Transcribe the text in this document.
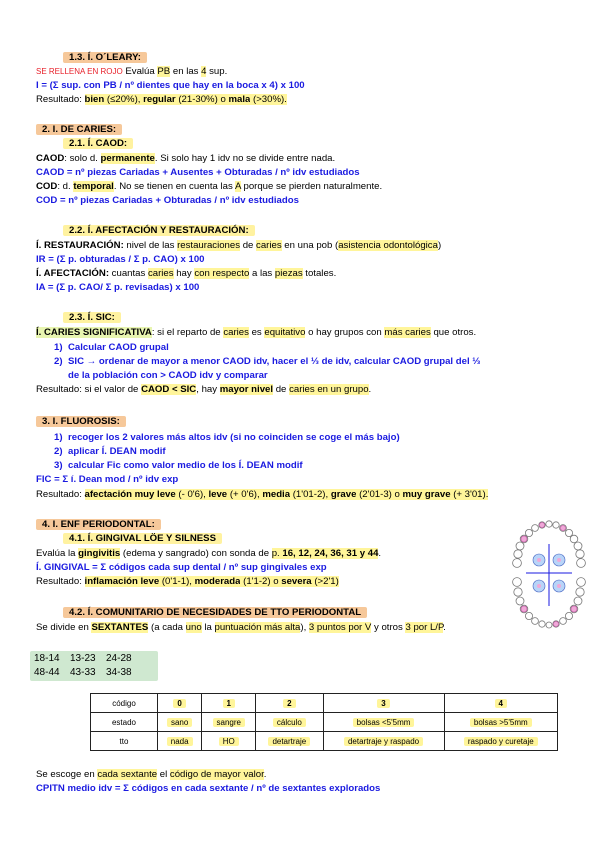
1.3. Í. O´LEARY:
SE RELLENA EN ROJO Evalúa PB en las 4 sup.
I = (Σ sup. con PB / nº dientes que hay en la boca x 4) x 100
Resultado: bien (≤20%), regular (21-30%) o mala (>30%).
2. I. DE CARIES:
2.1. Í. CAOD:
CAOD: solo d. permanente. Si solo hay 1 idv no se divide entre nada.
CAOD = nº piezas Cariadas + Ausentes + Obturadas / nº idv estudiados
COD: d. temporal. No se tienen en cuenta las A porque se pierden naturalmente.
COD = nº piezas Cariadas + Obturadas / nº idv estudiados
2.2. Í. AFECTACIÓN Y RESTAURACIÓN:
Í. RESTAURACIÓN: nivel de las restauraciones de caries en una pob (asistencia odontológica)
IR = (Σ p. obturadas / Σ p. CAO) x 100
Í. AFECTACIÓN: cuantas caries hay con respecto a las piezas totales.
IA = (Σ p. CAO/ Σ p. revisadas) x 100
2.3. Í. SIC:
Í. CARIES SIGNIFICATIVA: si el reparto de caries es equitativo o hay grupos con más caries que otros.
1) Calcular CAOD grupal
2) SIC → ordenar de mayor a menor CAOD idv, hacer el ⅓ de idv, calcular CAOD grupal del ⅓
de la población con > CAOD idv y comparar
Resultado: si el valor de CAOD < SIC, hay mayor nivel de caries en un grupo.
3. I. FLUOROSIS:
1) recoger los 2 valores más altos idv (si no coinciden se coge el más bajo)
2) aplicar Í. DEAN modif
3) calcular Fic como valor medio de los Í. DEAN modif
FIC = Σ í. Dean mod / nº idv exp
Resultado: afectación muy leve (- 0'6), leve (+ 0'6), media (1'01-2), grave (2'01-3) o muy grave (+ 3'01).
4. I. ENF PERIODONTAL:
4.1. Í. GINGIVAL LÖE Y SILNESS
Evalúa la gingivitis (edema y sangrado) con sonda de p. 16, 12, 24, 36, 31 y 44.
Í. GINGIVAL = Σ códigos cada sup dental / nº sup gingivales exp
Resultado: inflamación leve (0'1-1), moderada (1'1-2) o severa (>2'1)
4.2. Í. COMUNITARIO DE NECESIDADES DE TTO PERIODONTAL
Se divide en SEXTANTES (a cada uno la puntuación más alta), 3 puntos por V y otros 3 por L/P.
18-14 13-23 24-28
48-44 43-33 34-38
código	0	1	2	3	4
estado	sano	sangre	cálculo	bolsas <5'5mm	bolsas >5'5mm
tto	nada	HO	detartraje	detartraje y raspado	raspado y curetaje
Se escoge en cada sextante el código de mayor valor.
CPITN medio idv = Σ códigos en cada sextante / nº de sextantes explorados
